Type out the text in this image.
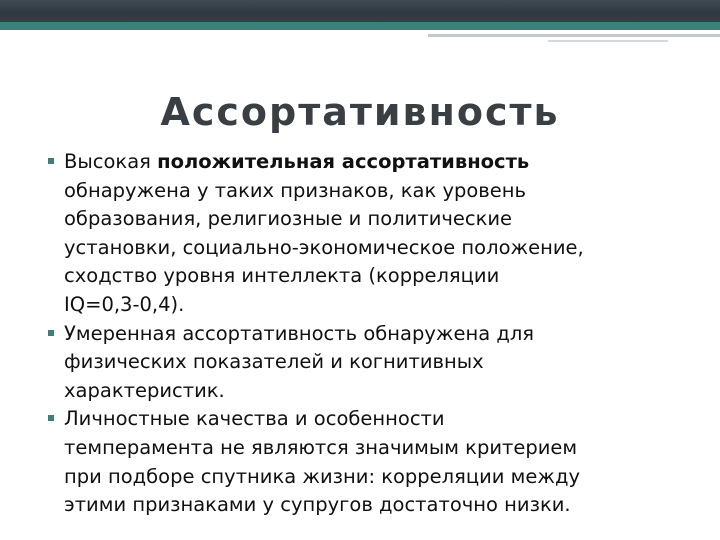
Ассортативность
Высокая положительная ассортативность
обнаружена у таких признаков, как уровень
образования, религиозные и политические
установки, социально-экономическое положение,
сходство уровня интеллекта (корреляции
IQ=0,3-0,4).
Умеренная ассортативность обнаружена для
физических показателей и когнитивных
характеристик.
Личностные качества и особенности
темперамента не являются значимым критерием
при подборе спутника жизни: корреляции между
этими признаками у супругов достаточно низки.
